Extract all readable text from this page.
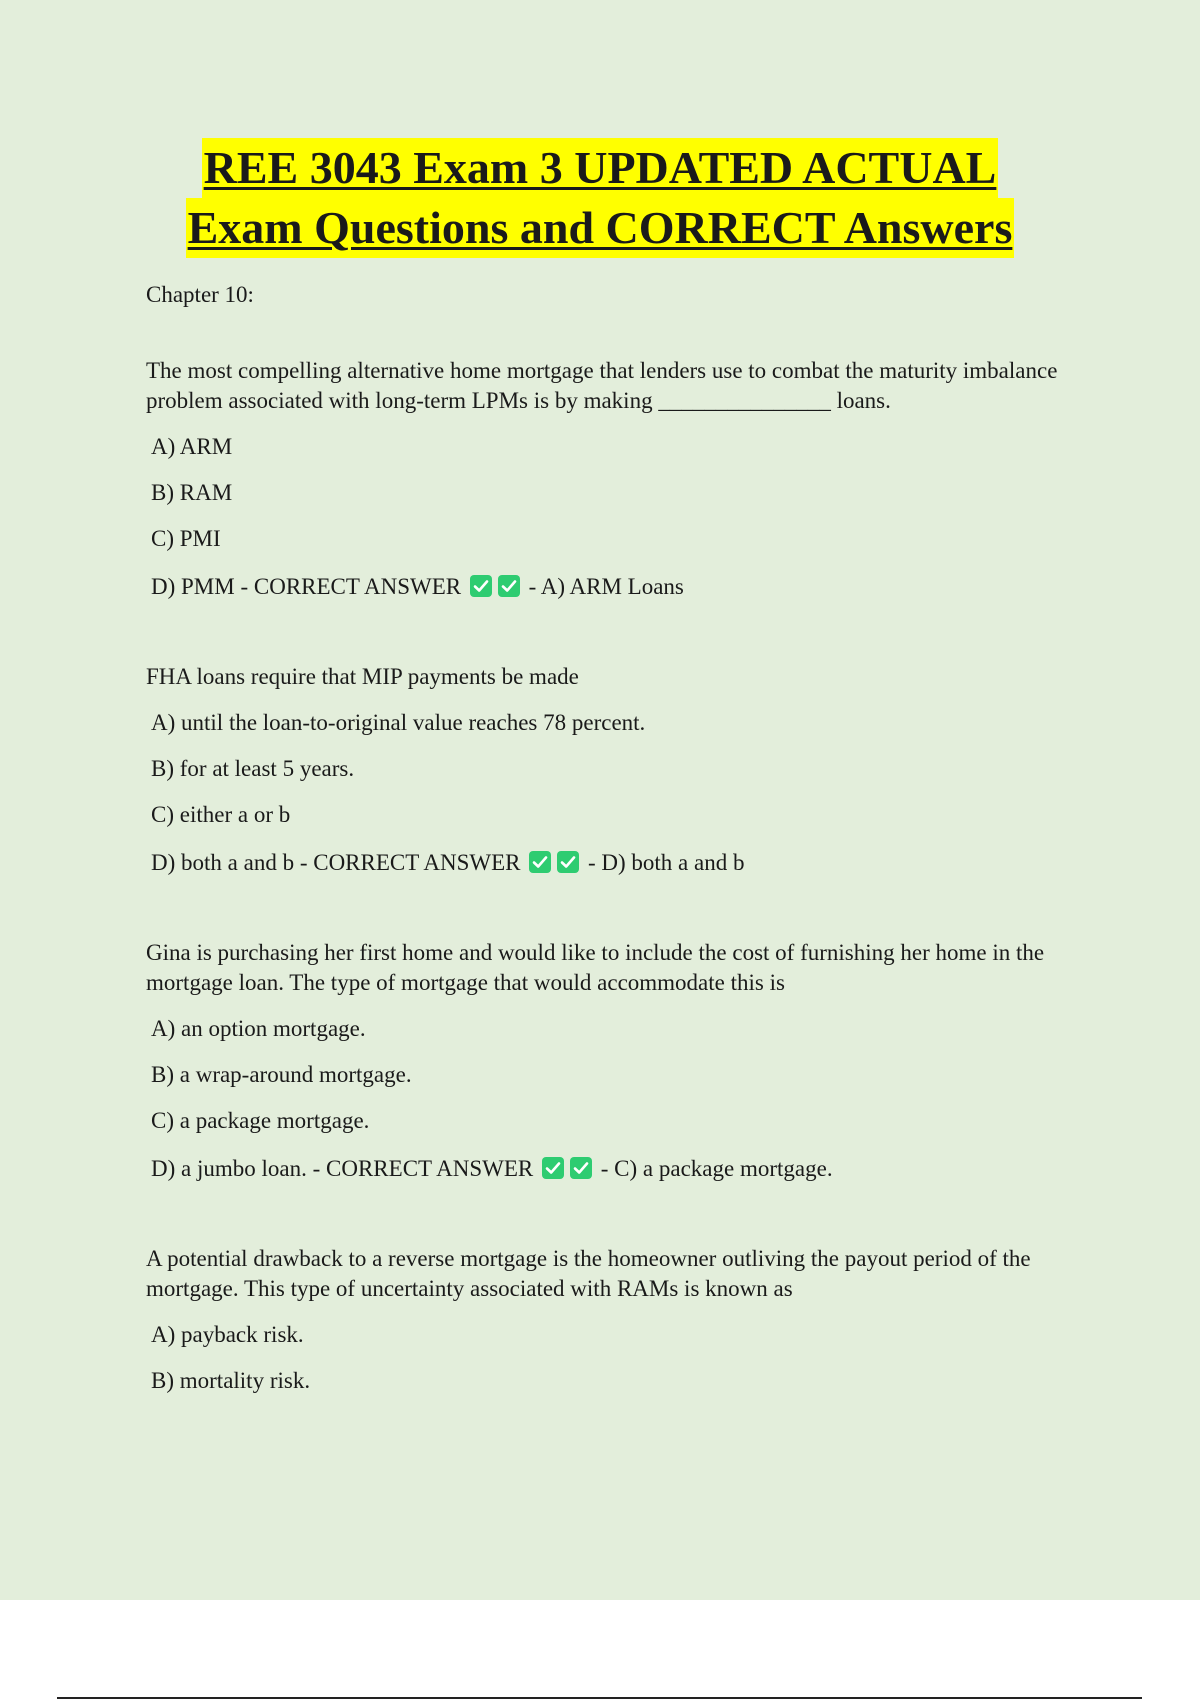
REE 3043 Exam 3 UPDATED ACTUAL
Exam Questions and CORRECT Answers

Chapter 10:

The most compelling alternative home mortgage that lenders use to combat the maturity imbalance problem associated with long-term LPMs is by making _______________ loans.

A) ARM

B) RAM

C) PMI

D) PMM - CORRECT ANSWER	- A) ARM Loans

FHA loans require that MIP payments be made

A) until the loan-to-original value reaches 78 percent.

B) for at least 5 years.

C) either a or b

D) both a and b - CORRECT ANSWER	- D) both a and b

Gina is purchasing her first home and would like to include the cost of furnishing her home in the mortgage loan. The type of mortgage that would accommodate this is

A) an option mortgage.

B) a wrap-around mortgage.

C) a package mortgage.

D) a jumbo loan. - CORRECT ANSWER	- C) a package mortgage.

A potential drawback to a reverse mortgage is the homeowner outliving the payout period of the mortgage. This type of uncertainty associated with RAMs is known as

A) payback risk.

B) mortality risk.
